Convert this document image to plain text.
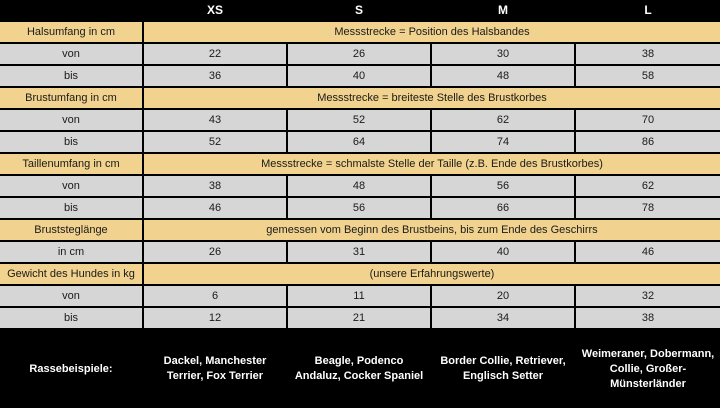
	XS	S	M	L
Halsumfang in cm	Messstrecke = Position des Halsbandes			
von	22	26	30	38
bis	36	40	48	58
Brustumfang in cm	Messstrecke = breiteste Stelle des Brustkorbes			
von	43	52	62	70
bis	52	64	74	86
Taillenumfang in cm	Messstrecke = schmalste Stelle der Taille (z.B. Ende des Brustkorbes)			
von	38	48	56	62
bis	46	56	66	78
Bruststeglänge	gemessen vom Beginn des Brustbeins, bis zum Ende des Geschirrs			
in cm	26	31	40	46
Gewicht des Hundes in kg	(unsere Erfahrungswerte)			
von	6	11	20	32
bis	12	21	34	38
Rassebeispiele:	Dackel, Manchester Terrier, Fox Terrier	Beagle, Podenco Andaluz, Cocker Spaniel	Border Collie, Retriever, Englisch Setter	Weimeraner, Dobermann, Collie, Großer-Münsterländer
